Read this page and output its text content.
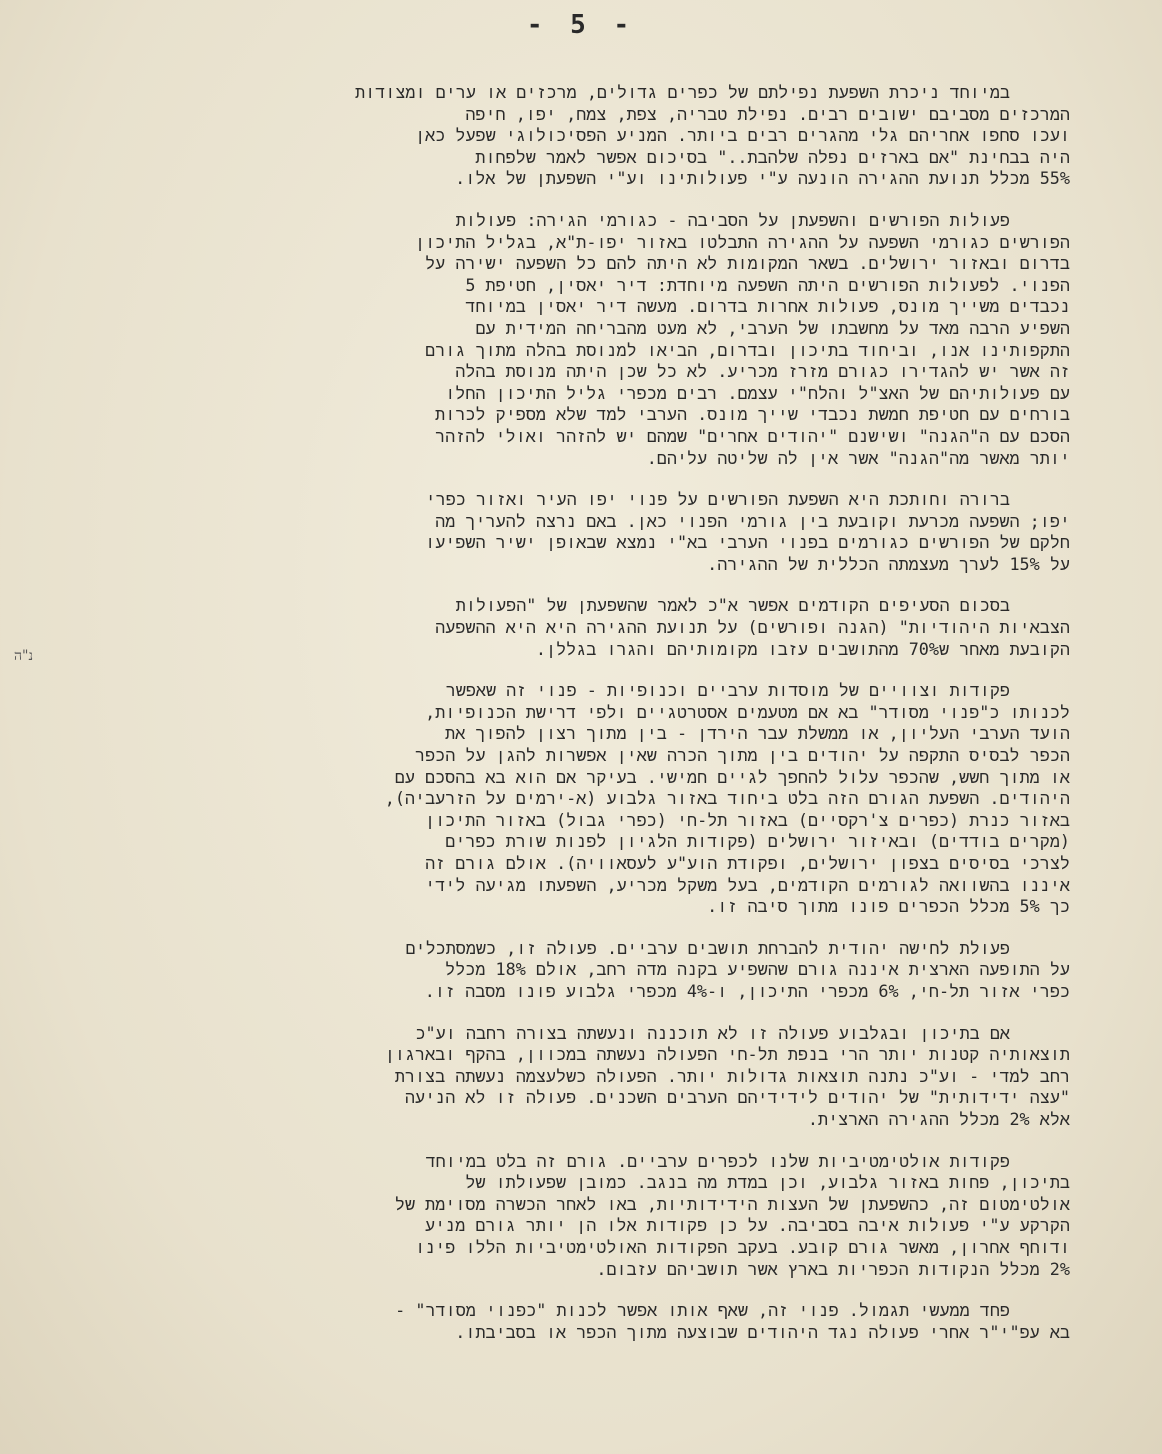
- 5 -
נ"ה
במיוחד ניכרת השפעת נפילתם של כפרים גדולים, מרכזים או ערים ומצודות
המרכזים מסביבם ישובים רבים. נפילת טבריה, צפת, צמח, יפו, חיפה
ועכו סחפו אחריהם גלי מהגרים רבים ביותר. המניע הפסיכולוגי שפעל כאן
היה בבחינת "אם בארזים נפלה שלהבת.." בסיכום אפשר לאמר שלפחות
55% מכלל תנועת ההגירה הונעה ע"י פעולותינו וע"י השפעתן של אלו.
פעולות הפורשים והשפעתן על הסביבה - כגורמי הגירה: פעולות
הפורשים כגורמי השפעה על ההגירה התבלטו באזור יפו-ת"א, בגליל התיכון
בדרום ובאזור ירושלים. בשאר המקומות לא היתה להם כל השפעה ישירה על
הפנוי. לפעולות הפורשים היתה השפעה מיוחדת: דיר יאסין, חטיפת 5
נכבדים משייך מונס, פעולות אחרות בדרום. מעשה דיר יאסין במיוחד
השפיע הרבה מאד על מחשבתו של הערבי, לא מעט מהבריחה המידית עם
התקפותינו אנו, וביחוד בתיכון ובדרום, הביאו למנוסת בהלה מתוך גורם
זה אשר יש להגדירו כגורם מזרז מכריע. לא כל שכן היתה מנוסת בהלה
עם פעולותיהם של האצ"ל והלח"י עצמם. רבים מכפרי גליל התיכון החלו
בורחים עם חטיפת חמשת נכבדי שייך מונס. הערבי למד שלא מספיק לכרות
הסכם עם ה"הגנה" ושישנם "יהודים אחרים" שמהם יש להזהר ואולי להזהר
יותר מאשר מה"הגנה" אשר אין לה שליטה עליהם.
ברורה וחותכת היא השפעת הפורשים על פנוי יפו העיר ואזור כפרי
יפו; השפעה מכרעת וקובעת בין גורמי הפנוי כאן. באם נרצה להעריך מה
חלקם של הפורשים כגורמים בפנוי הערבי בא"י נמצא שבאופן ישיר השפיעו
על 15% לערך מעצמתה הכללית של ההגירה.
בסכום הסעיפים הקודמים אפשר א"כ לאמר שהשפעתן של "הפעולות
הצבאיות היהודיות" (הגנה ופורשים) על תנועת ההגירה היא היא ההשפעה
הקובעת מאחר ש70% מהתושבים עזבו מקומותיהם והגרו בגללן.
פקודות וצוויים של מוסדות ערביים וכנופיות - פנוי זה שאפשר
לכנותו כ"פנוי מסודר" בא אם מטעמים אסטרטגיים ולפי דרישת הכנופיות,
הועד הערבי העליון, או ממשלת עבר הירדן - בין מתוך רצון להפוך את
הכפר לבסיס התקפה על יהודים בין מתוך הכרה שאין אפשרות להגן על הכפר
או מתוך חשש, שהכפר עלול להחפך לגיים חמישי. בעיקר אם הוא בא בהסכם עם
היהודים. השפעת הגורם הזה בלט ביחוד באזור גלבוע (א-ירמים על הזרעביה),
באזור כנרת (כפרים צ'רקסיים) באזור תל-חי (כפרי גבול) באזור התיכון
(מקרים בודדים) ובאיזור ירושלים (פקודות הלגיון לפנות שורת כפרים
לצרכי בסיסים בצפון ירושלים, ופקודת הוע"ע לעסאוויה). אולם גורם זה
איננו בהשוואה לגורמים הקודמים, בעל משקל מכריע, השפעתו מגיעה לידי
כך 5% מכלל הכפרים פונו מתוך סיבה זו.
פעולת לחישה יהודית להברחת תושבים ערביים. פעולה זו, כשמסתכלים
על התופעה הארצית איננה גורם שהשפיע בקנה מדה רחב, אולם 18% מכלל
כפרי אזור תל-חי, 6% מכפרי התיכון, ו-4% מכפרי גלבוע פונו מסבה זו.
אם בתיכון ובגלבוע פעולה זו לא תוכננה ונעשתה בצורה רחבה וע"כ
תוצאותיה קטנות יותר הרי בנפת תל-חי הפעולה נעשתה במכוון, בהקף ובארגון
רחב למדי - וע"כ נתנה תוצאות גדולות יותר. הפעולה כשלעצמה נעשתה בצורת
"עצה ידידותית" של יהודים לידידיהם הערבים השכנים. פעולה זו לא הניעה
אלא 2% מכלל ההגירה הארצית.
פקודות אולטימטיביות שלנו לכפרים ערביים. גורם זה בלט במיוחד
בתיכון, פחות באזור גלבוע, וכן במדת מה בנגב. כמובן שפעולתו של
אולטימטום זה, כהשפעתן של העצות הידידותיות, באו לאחר הכשרה מסוימת של
הקרקע ע"י פעולות איבה בסביבה. על כן פקודות אלו הן יותר גורם מניע
ודוחף אחרון, מאשר גורם קובע. בעקב הפקודות האולטימטיביות הללו פינו
2% מכלל הנקודות הכפריות בארץ אשר תושביהם עזבום.
פחד ממעשי תגמול. פנוי זה, שאף אותו אפשר לכנות "כפנוי מסודר" -
בא עפ"י"ר אחרי פעולה נגד היהודים שבוצעה מתוך הכפר או בסביבתו.
